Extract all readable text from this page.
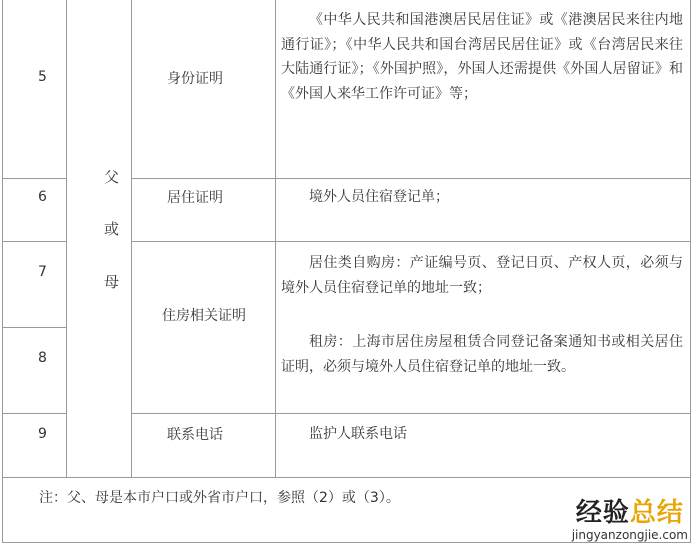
5
6
7
8
9
父
或
母
身份证明
居住证明
住房相关证明
联系电话
《中华人民共和国港澳居民居住证》或《港澳居民来往内地通行证》；《中华人民共和国台湾居民居住证》或《台湾居民来往大陆通行证》；《外国护照》，外国人还需提供《外国人居留证》和《外国人来华工作许可证》等；
境外人员住宿登记单；
居住类自购房：产证编号页、登记日页、产权人页，必须与境外人员住宿登记单的地址一致；
租房：上海市居住房屋租赁合同登记备案通知书或相关居住证明，必须与境外人员住宿登记单的地址一致。
监护人联系电话
注：父、母是本市户口或外省市户口，参照（2）或（3）。	经验总结
jingyanzongjie.com
